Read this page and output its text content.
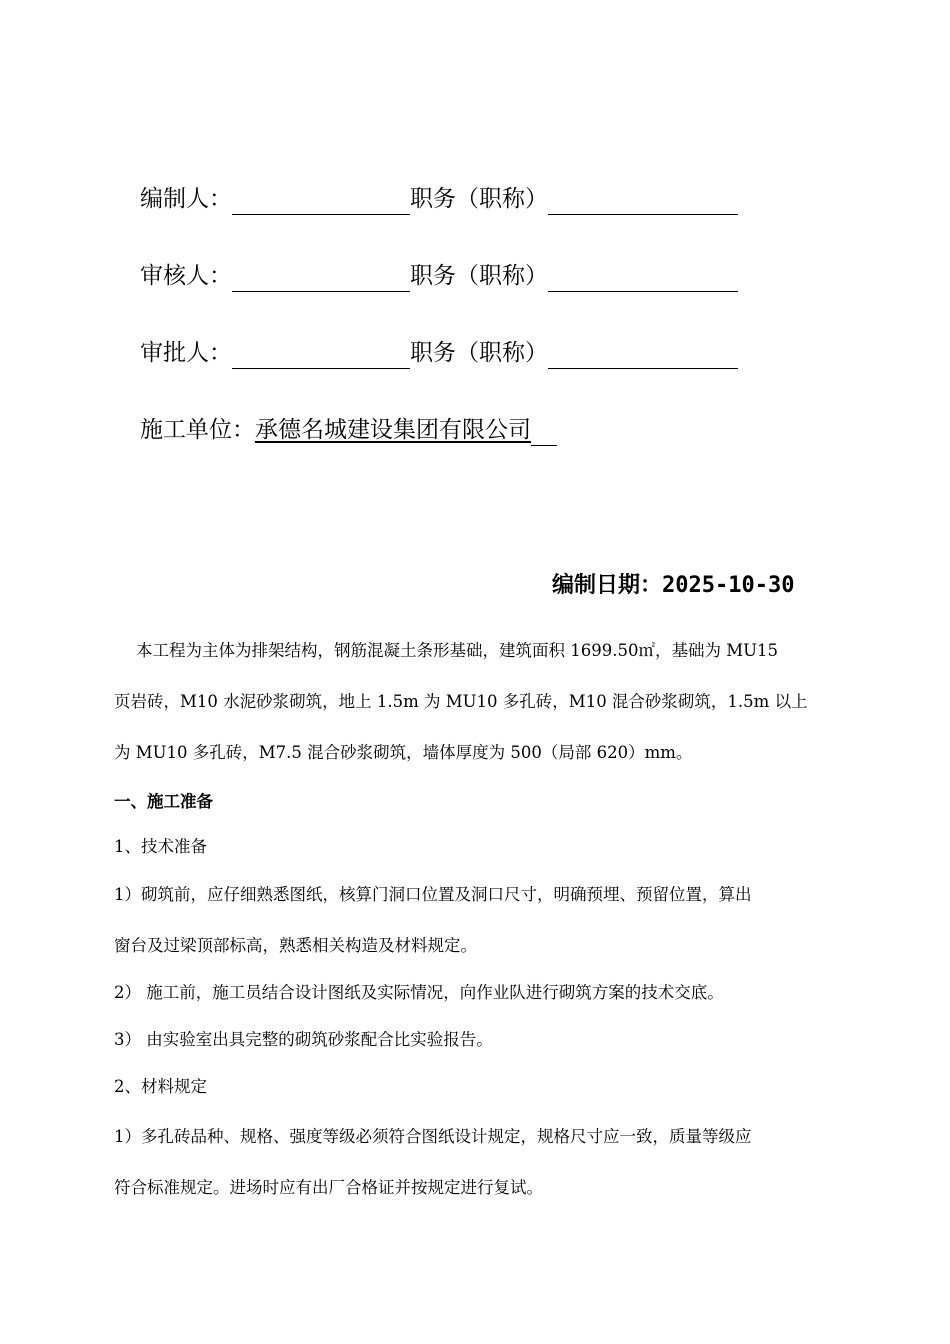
编制人：	职务（职称）
审核人：	职务（职称）
审批人：	职务（职称）
施工单位：承德名城建设集团有限公司
编制日期：2025-10-30
本工程为主体为排架结构，钢筋混凝土条形基础，建筑面积 1699.50㎡，基础为 MU15
页岩砖，M10 水泥砂浆砌筑，地上 1.5m 为 MU10 多孔砖，M10 混合砂浆砌筑，1.5m 以上
为 MU10 多孔砖，M7.5 混合砂浆砌筑，墙体厚度为 500（局部 620）mm。
一、施工准备
1、技术准备
1）砌筑前，应仔细熟悉图纸，核算门洞口位置及洞口尺寸，明确预埋、预留位置，算出
窗台及过梁顶部标高，熟悉相关构造及材料规定。
2） 施工前，施工员结合设计图纸及实际情况，向作业队进行砌筑方案的技术交底。
3） 由实验室出具完整的砌筑砂浆配合比实验报告。
2、材料规定
1）多孔砖品种、规格、强度等级必须符合图纸设计规定，规格尺寸应一致，质量等级应
符合标准规定。进场时应有出厂合格证并按规定进行复试。
